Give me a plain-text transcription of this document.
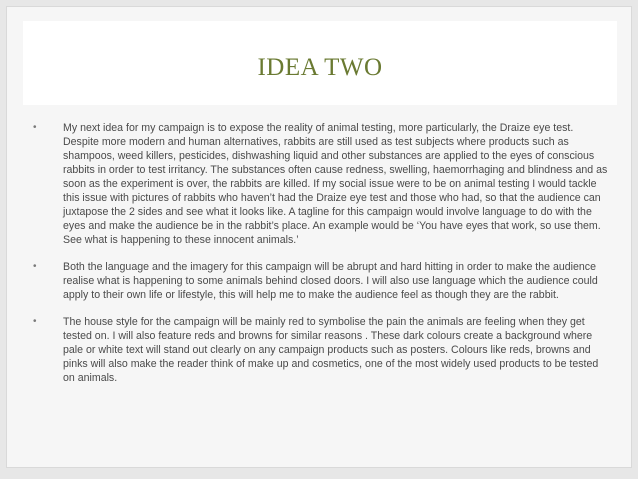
IDEA TWO
• My next idea for my campaign is to expose the reality of animal testing, more particularly, the Draize eye test. Despite more modern and human alternatives, rabbits are still used as test subjects where products such as shampoos, weed killers, pesticides, dishwashing liquid and other substances are applied to the eyes of conscious rabbits in order to test irritancy. The substances often cause redness, swelling, haemorrhaging and blindness and as soon as the experiment is over, the rabbits are killed. If my social issue were to be on animal testing I would tackle this issue with pictures of rabbits who haven’t had the Draize eye test and those who had, so that the audience can juxtapose the 2 sides and see what it looks like. A tagline for this campaign would involve language to do with the eyes and make the audience be in the rabbit’s place. An example would be ‘You have eyes that work, so use them. See what is happening to these innocent animals.’
• Both the language and the imagery for this campaign will be abrupt and hard hitting in order to make the audience realise what is happening to some animals behind closed doors. I will also use language which the audience could apply to their own life or lifestyle, this will help me to make the audience feel as though they are the rabbit.
• The house style for the campaign will be mainly red to symbolise the pain the animals are feeling when they get tested on. I will also feature reds and browns for similar reasons . These dark colours create a background where pale or white text will stand out clearly on any campaign products such as posters. Colours like reds, browns and pinks will also make the reader think of make up and cosmetics, one of the most widely used products to be tested on animals.
